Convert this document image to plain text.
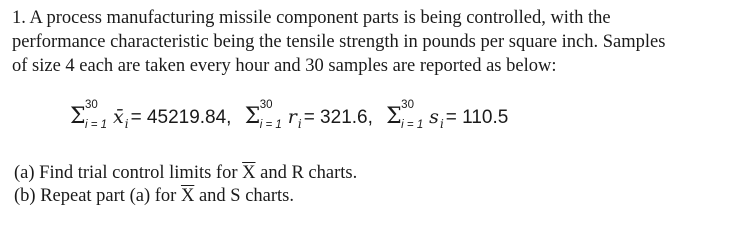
1. A process manufacturing missile component parts is being controlled, with the
performance characteristic being the tensile strength in pounds per square inch. Samples
of size 4 each are taken every hour and 30 samples are reported as below:
Σ 30
i = 1 $x̄_i= 45219.84$, Σ 30
i = 1 $r_i= 321.6$, Σ 30
i = 1 $s_i= 110.5$
(a) Find trial control limits for $\overline{X}$ and R charts.
(b) Repeat part (a) for $\overline{X}$ and S charts.
